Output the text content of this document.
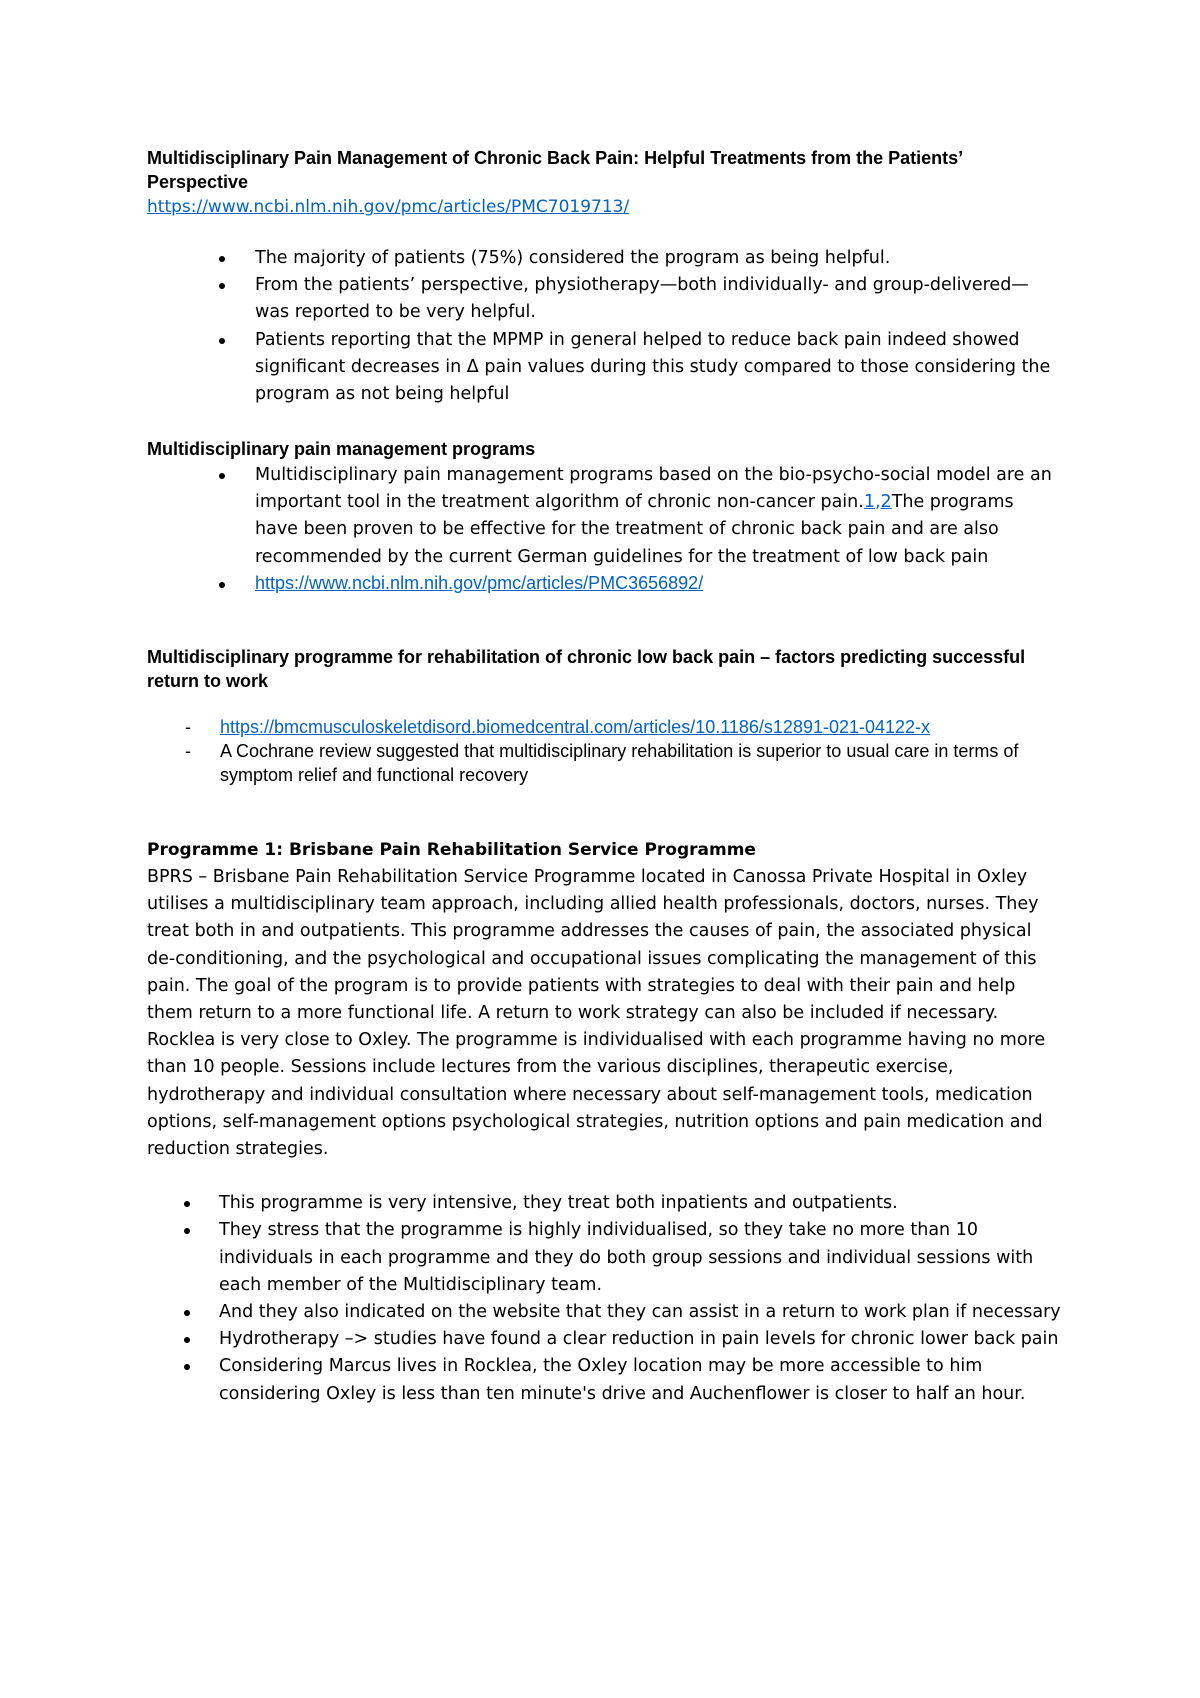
Multidisciplinary Pain Management of Chronic Back Pain: Helpful Treatments from the Patients’ Perspective
https://www.ncbi.nlm.nih.gov/pmc/articles/PMC7019713/
The majority of patients (75%) considered the program as being helpful.
From the patients’ perspective, physiotherapy—both individually- and group-delivered—was reported to be very helpful.
Patients reporting that the MPMP in general helped to reduce back pain indeed showed significant decreases in Δ pain values during this study compared to those considering the program as not being helpful
Multidisciplinary pain management programs
Multidisciplinary pain management programs based on the bio-psycho-social model are an important tool in the treatment algorithm of chronic non-cancer pain.1,2The programs have been proven to be effective for the treatment of chronic back pain and are also recommended by the current German guidelines for the treatment of low back pain
https://www.ncbi.nlm.nih.gov/pmc/articles/PMC3656892/
Multidisciplinary programme for rehabilitation of chronic low back pain – factors predicting successful return to work
- https://bmcmusculoskeletdisord.biomedcentral.com/articles/10.1186/s12891-021-04122-x
- A Cochrane review suggested that multidisciplinary rehabilitation is superior to usual care in terms of symptom relief and functional recovery
Programme 1: Brisbane Pain Rehabilitation Service Programme

BPRS – Brisbane Pain Rehabilitation Service Programme located in Canossa Private Hospital in Oxley utilises a multidisciplinary team approach, including allied health professionals, doctors, nurses. They treat both in and outpatients. This programme addresses the causes of pain, the associated physical de-conditioning, and the psychological and occupational issues complicating the management of this pain. The goal of the program is to provide patients with strategies to deal with their pain and help them return to a more functional life. A return to work strategy can also be included if necessary. Rocklea is very close to Oxley. The programme is individualised with each programme having no more than 10 people. Sessions include lectures from the various disciplines, therapeutic exercise, hydrotherapy and individual consultation where necessary about self-management tools, medication options, self-management options psychological strategies, nutrition options and pain medication and reduction strategies.

This programme is very intensive, they treat both inpatients and outpatients.
They stress that the programme is highly individualised, so they take no more than 10 individuals in each programme and they do both group sessions and individual sessions with each member of the Multidisciplinary team.
And they also indicated on the website that they can assist in a return to work plan if necessary
Hydrotherapy –> studies have found a clear reduction in pain levels for chronic lower back pain
Considering Marcus lives in Rocklea, the Oxley location may be more accessible to him considering Oxley is less than ten minute's drive and Auchenflower is closer to half an hour.
